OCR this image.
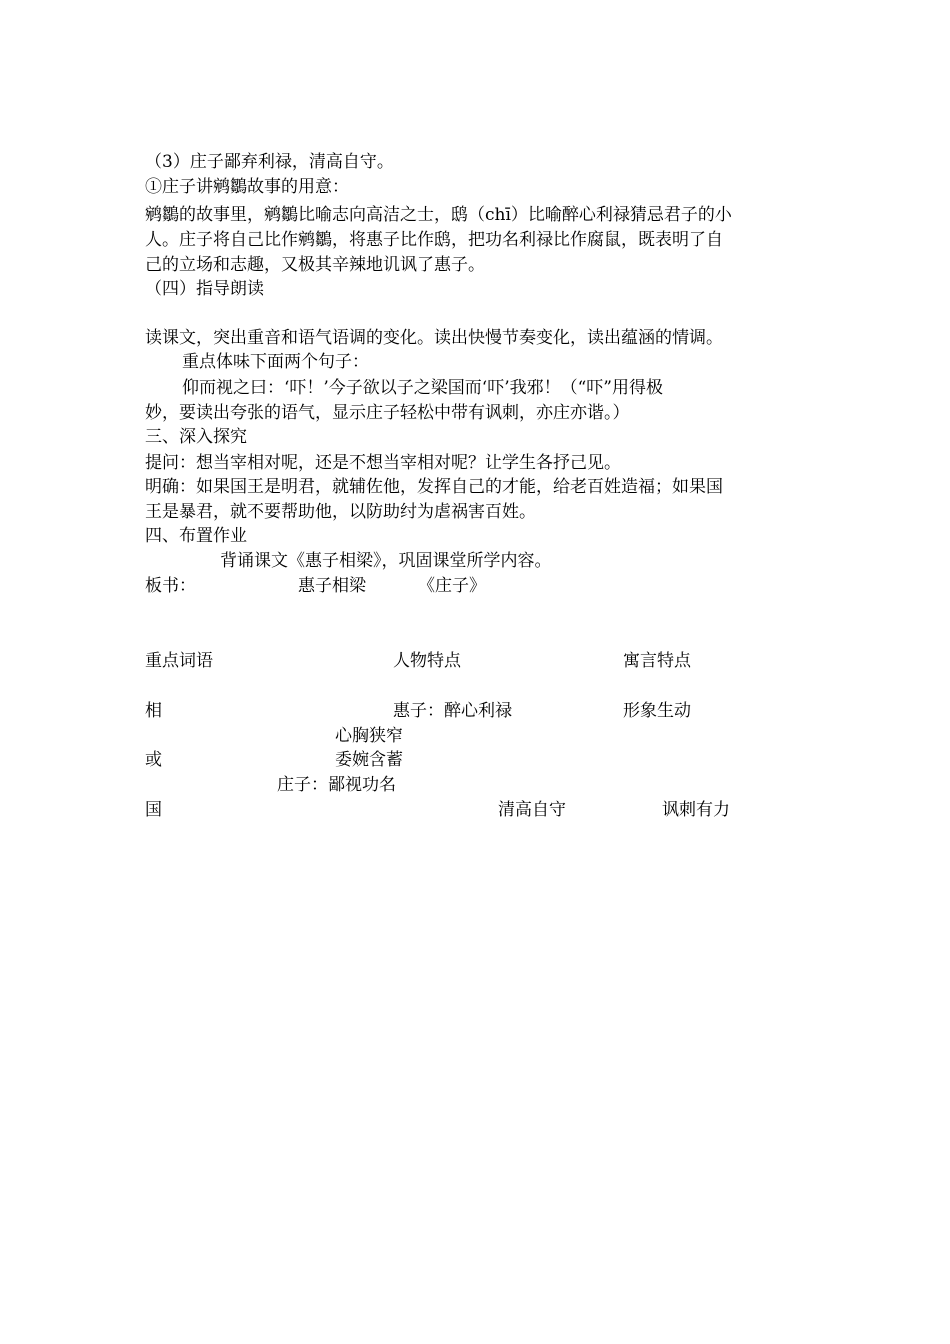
（3）庄子鄙弃利禄，清高自守。
①庄子讲鹓鶵故事的用意：
鹓鶵的故事里，鹓鶵比喻志向高洁之士，鸱（chī）比喻醉心利禄猜忌君子的小
人。庄子将自己比作鹓鶵，将惠子比作鸱，把功名利禄比作腐鼠，既表明了自
己的立场和志趣，又极其辛辣地讥讽了惠子。
（四）指导朗读
读课文，突出重音和语气语调的变化。读出快慢节奏变化，读出蕴涵的情调。
重点体味下面两个句子：
仰而视之曰：‘吓！’今子欲以子之梁国而‘吓’我邪！（“吓”用得极
妙，要读出夸张的语气，显示庄子轻松中带有讽刺，亦庄亦谐。）
三、深入探究
提问：想当宰相对呢，还是不想当宰相对呢？让学生各抒己见。
明确：如果国王是明君，就辅佐他，发挥自己的才能，给老百姓造福；如果国
王是暴君，就不要帮助他，以防助纣为虐祸害百姓。
四、布置作业
背诵课文《惠子相梁》，巩固课堂所学内容。
板书：	惠子相梁	《庄子》
重点词语	人物特点	寓言特点
相	惠子：醉心利禄	形象生动
心胸狭窄
或	委婉含蓄
庄子：鄙视功名
国	清高自守	讽刺有力
